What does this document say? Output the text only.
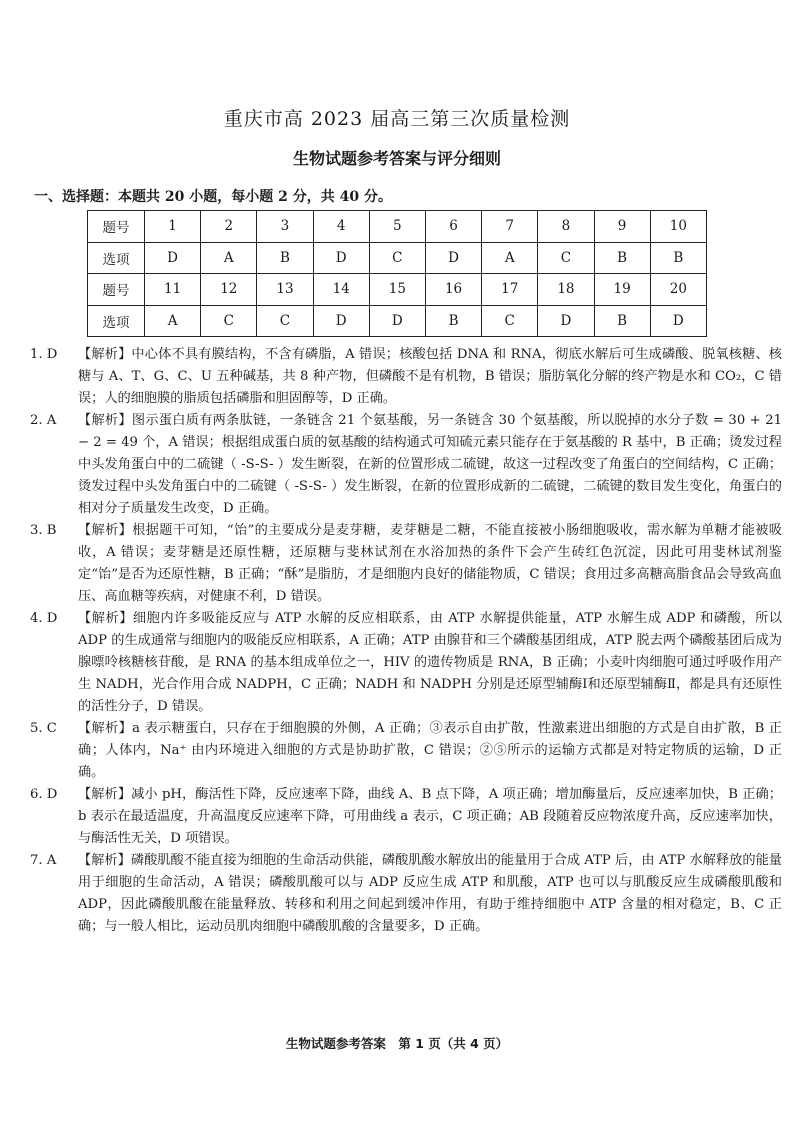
重庆市高 2023 届高三第三次质量检测
生物试题参考答案与评分细则
一、选择题：本题共 20 小题，每小题 2 分，共 40 分。
题号	1	2	3	4	5	6	7	8	9	10
选项	D	A	B	D	C	D	A	C	B	B
题号	11	12	13	14	15	16	17	18	19	20
选项	A	C	C	D	D	B	C	D	B	D
1. D	【解析】中心体不具有膜结构，不含有磷脂，A 错误；核酸包括 DNA 和 RNA，彻底水解后可生成磷酸、脱氧核糖、核糖与 A、T、G、C、U 五种碱基，共 8 种产物，但磷酸不是有机物，B 错误；脂肪氧化分解的终产物是水和 CO₂，C 错误；人的细胞膜的脂质包括磷脂和胆固醇等，D 正确。
2. A	【解析】图示蛋白质有两条肽链，一条链含 21 个氨基酸，另一条链含 30 个氨基酸，所以脱掉的水分子数 = 30 + 21 − 2 = 49 个，A 错误；根据组成蛋白质的氨基酸的结构通式可知硫元素只能存在于氨基酸的 R 基中，B 正确；烫发过程中头发角蛋白中的二硫键（ -S-S- ）发生断裂，在新的位置形成二硫键，故这一过程改变了角蛋白的空间结构，C 正确；烫发过程中头发角蛋白中的二硫键（ -S-S- ）发生断裂，在新的位置形成新的二硫键，二硫键的数目发生变化，角蛋白的相对分子质量发生改变，D 正确。
3. B	【解析】根据题干可知，“饴”的主要成分是麦芽糖，麦芽糖是二糖，不能直接被小肠细胞吸收，需水解为单糖才能被吸收，A 错误；麦芽糖是还原性糖，还原糖与斐林试剂在水浴加热的条件下会产生砖红色沉淀，因此可用斐林试剂鉴定“饴”是否为还原性糖，B 正确；“酥”是脂肪，才是细胞内良好的储能物质，C 错误；食用过多高糖高脂食品会导致高血压、高血糖等疾病，对健康不利，D 错误。
4. D	【解析】细胞内许多吸能反应与 ATP 水解的反应相联系，由 ATP 水解提供能量，ATP 水解生成 ADP 和磷酸，所以 ADP 的生成通常与细胞内的吸能反应相联系，A 正确；ATP 由腺苷和三个磷酸基团组成，ATP 脱去两个磷酸基团后成为腺嘌呤核糖核苷酸，是 RNA 的基本组成单位之一，HIV 的遗传物质是 RNA，B 正确；小麦叶肉细胞可通过呼吸作用产生 NADH，光合作用合成 NADPH，C 正确；NADH 和 NADPH 分别是还原型辅酶Ⅰ和还原型辅酶Ⅱ，都是具有还原性的活性分子，D 错误。
5. C	【解析】a 表示糖蛋白，只存在于细胞膜的外侧，A 正确；③表示自由扩散，性激素进出细胞的方式是自由扩散，B 正确；人体内，Na⁺ 由内环境进入细胞的方式是协助扩散，C 错误；②⑤所示的运输方式都是对特定物质的运输，D 正确。
6. D	【解析】减小 pH，酶活性下降，反应速率下降，曲线 A、B 点下降，A 项正确；增加酶量后，反应速率加快，B 正确；b 表示在最适温度，升高温度反应速率下降，可用曲线 a 表示，C 项正确；AB 段随着反应物浓度升高，反应速率加快，与酶活性无关，D 项错误。
7. A	【解析】磷酸肌酸不能直接为细胞的生命活动供能，磷酸肌酸水解放出的能量用于合成 ATP 后，由 ATP 水解释放的能量用于细胞的生命活动，A 错误；磷酸肌酸可以与 ADP 反应生成 ATP 和肌酸，ATP 也可以与肌酸反应生成磷酸肌酸和 ADP，因此磷酸肌酸在能量释放、转移和利用之间起到缓冲作用，有助于维持细胞中 ATP 含量的相对稳定，B、C 正确；与一般人相比，运动员肌肉细胞中磷酸肌酸的含量要多，D 正确。
生物试题参考答案　第 1 页（共 4 页）
